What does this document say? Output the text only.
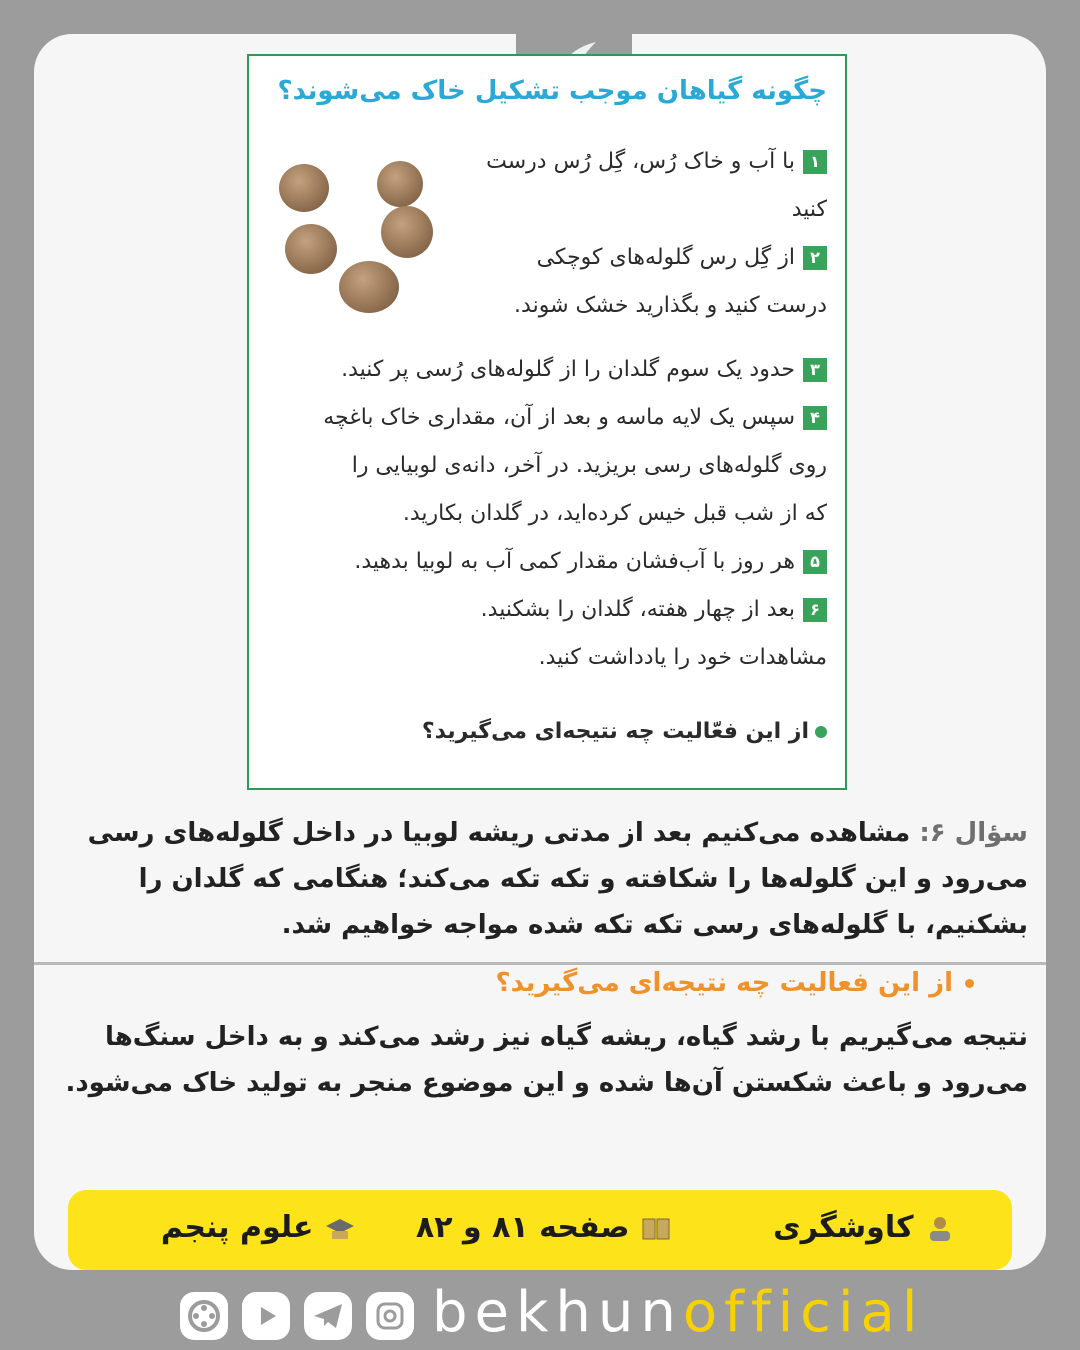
چگونه گیاهان موجب تشکیل خاک می‌شوند؟
۱با آب و خاک رُس، گِل رُس درست
کنید
۲از گِل رس گلوله‌های کوچکی
درست کنید و بگذارید خشک شوند.
۳حدود یک سوم گلدان را از گلوله‌های رُسی پر کنید.
۴سپس یک لایه ماسه و بعد از آن، مقداری خاک باغچه
روی گلوله‌های رسی بریزید. در آخر، دانه‌ی لوبیایی را
که از شب قبل خیس کرده‌اید، در گلدان بکارید.
۵هر روز با آب‌فشان مقدار کمی آب به لوبیا بدهید.
۶بعد از چهار هفته، گلدان را بشکنید.
مشاهدات خود را یادداشت کنید.
از این فعّالیت چه نتیجه‌ای می‌گیرید؟
سؤال ۶: مشاهده می‌کنیم بعد از مدتی ریشه لوبیا در داخل گلوله‌های رسی می‌رود و این گلوله‌ها را شکافته و تکه تکه می‌کند؛ هنگامی که گلدان را بشکنیم، با گلوله‌های رسی تکه تکه شده مواجه خواهیم شد.
از این فعالیت چه نتیجه‌ای می‌گیرید؟
نتیجه می‌گیریم با رشد گیاه، ریشه گیاه نیز رشد می‌کند و به داخل سنگ‌ها می‌رود و باعث شکستن آن‌ها شده و این موضوع منجر به تولید خاک می‌شود.
کاوشگری
صفحه ۸۱ و ۸۲
علوم پنجم
bekhunofficial
